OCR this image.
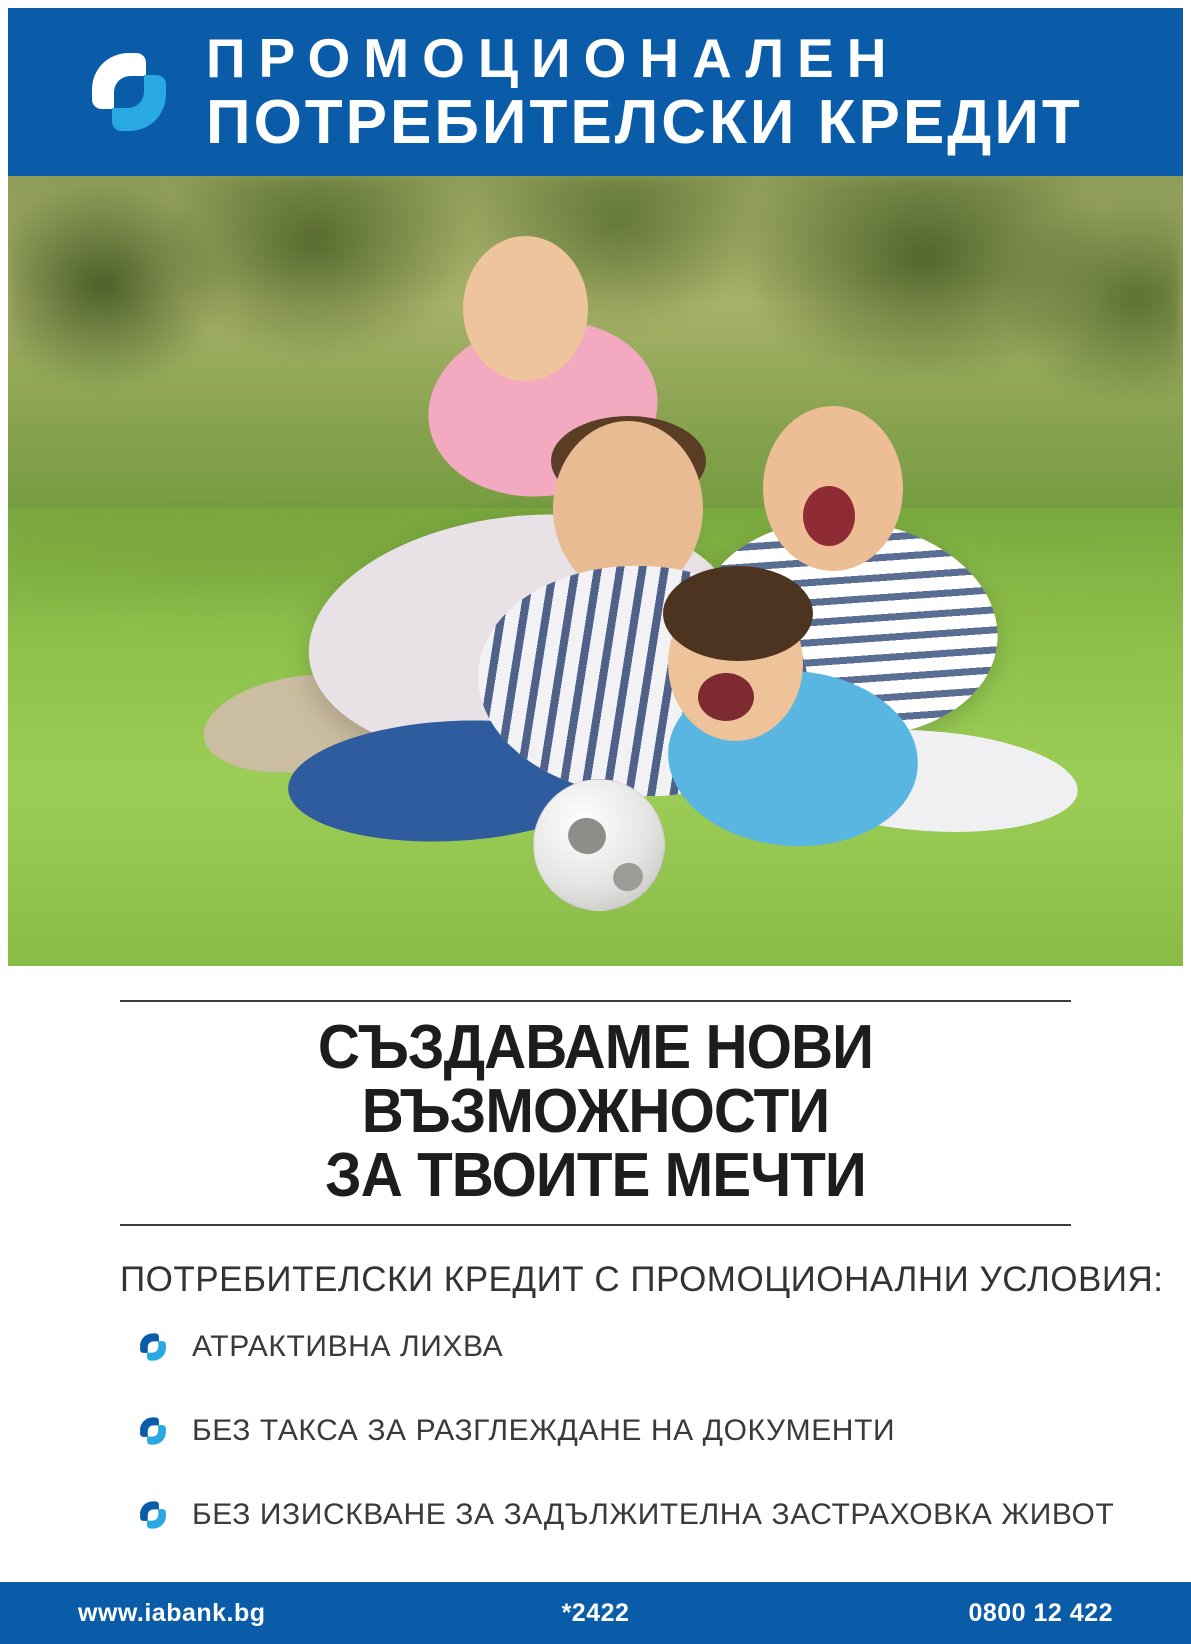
ПРОМОЦИОНАЛЕН
ПОТРЕБИТЕЛСКИ КРЕДИТ
СЪЗДАВАМЕ НОВИ ВЪЗМОЖНОСТИ
ЗА ТВОИТЕ МЕЧТИ
ПОТРЕБИТЕЛСКИ КРЕДИТ С ПРОМОЦИОНАЛНИ УСЛОВИЯ:
АТРАКТИВНА ЛИХВА
БЕЗ ТАКСА ЗА РАЗГЛЕЖДАНЕ НА ДОКУМЕНТИ
БЕЗ ИЗИСКВАНЕ ЗА ЗАДЪЛЖИТЕЛНА ЗАСТРАХОВКА ЖИВОТ
www.iabank.bg	*2422	0800 12 422
